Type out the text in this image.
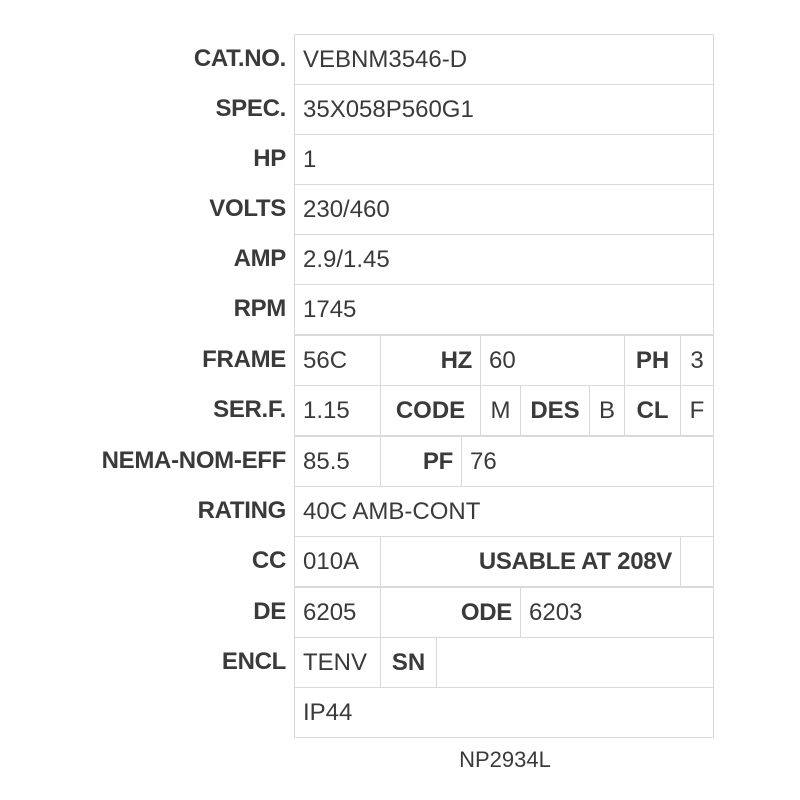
CAT.NO. VEBNM3546-D
SPEC. 35X058P560G1
HP 1
VOLTS 230/460
AMP 2.9/1.45
RPM 1745
FRAME 56C	HZ 60	PH 3
SER.F. 1.15	CODE	M DES B CL F
NEMA-NOM-EFF 85.5	PF 76
RATING 40C AMB-CONT
CC 010A	USABLE AT 208V
DE 6205	ODE 6203
ENCL TENV	SN
IP44
NP2934L
